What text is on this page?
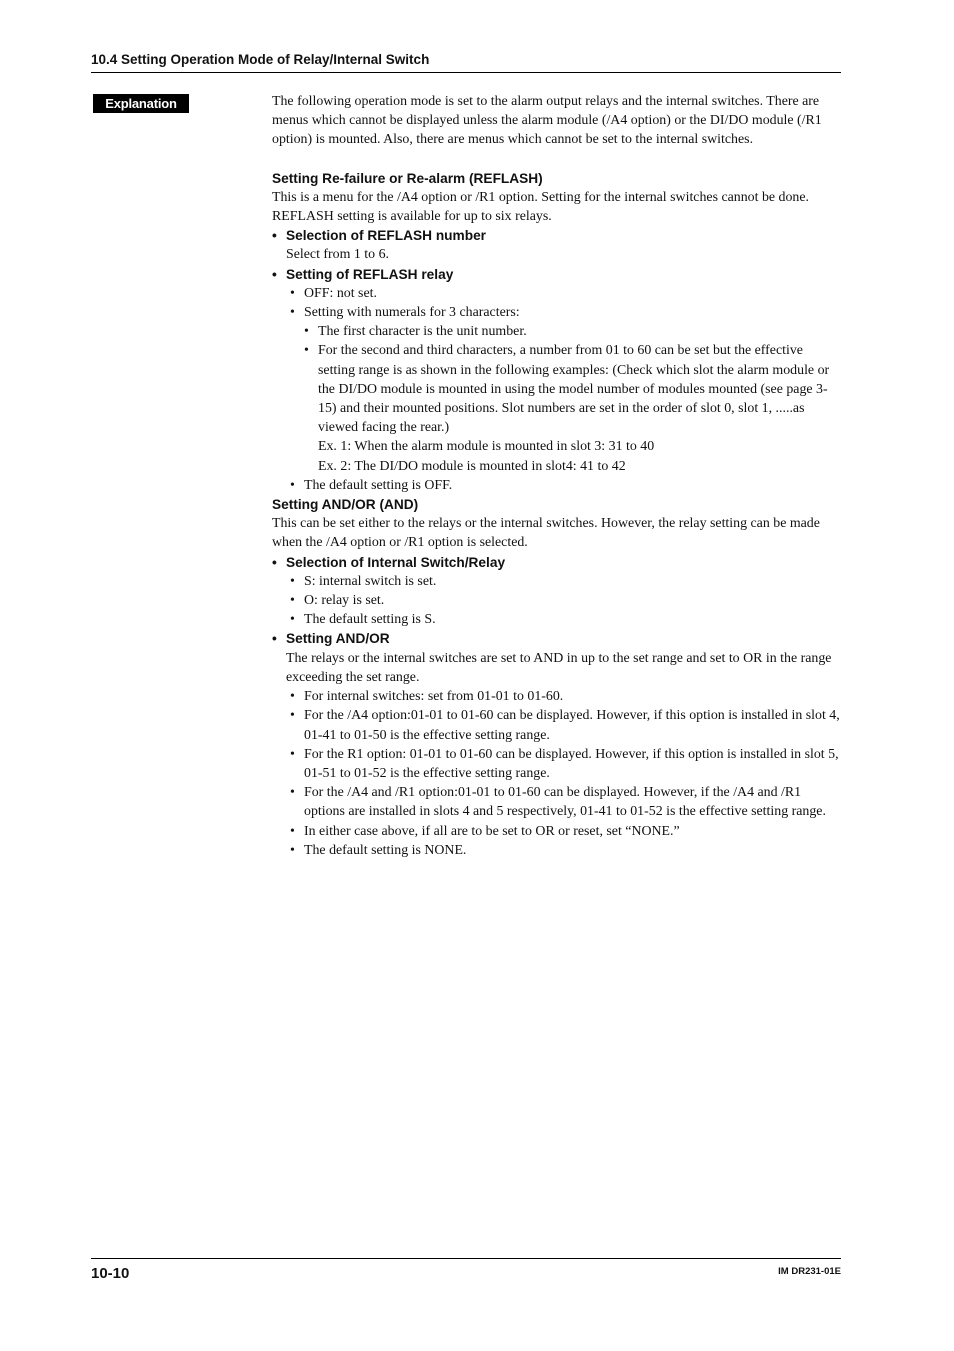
10.4 Setting Operation Mode of Relay/Internal Switch
Explanation	The following operation mode is set to the alarm output relays and the internal switches. There are menus which cannot be displayed unless the alarm module (/A4 option) or the DI/DO module (/R1 option) is mounted. Also, there are menus which cannot be set to the internal switches.

Setting Re-failure or Re-alarm (REFLASH)

This is a menu for the /A4 option or /R1 option. Setting for the internal switches cannot be done. REFLASH setting is available for up to six relays.

• Selection of REFLASH number

Select from 1 to 6.

• Setting of REFLASH relay

• OFF: not set.

• Setting with numerals for 3 characters:

• The first character is the unit number.

• For the second and third characters, a number from 01 to 60 can be set but the effective setting range is as shown in the following examples: (Check which slot the alarm module or the DI/DO module is mounted in using the model number of modules mounted (see page 3-15) and their mounted positions. Slot numbers are set in the order of slot 0, slot 1, .....as viewed facing the rear.)

Ex. 1: When the alarm module is mounted in slot 3: 31 to 40

Ex. 2: The DI/DO module is mounted in slot4: 41 to 42

• The default setting is OFF.

Setting AND/OR (AND)

This can be set either to the relays or the internal switches. However, the relay setting can be made when the /A4 option or /R1 option is selected.

• Selection of Internal Switch/Relay

• S: internal switch is set.

• O: relay is set.

• The default setting is S.

• Setting AND/OR

The relays or the internal switches are set to AND in up to the set range and set to OR in the range exceeding the set range.

• For internal switches: set from 01-01 to 01-60.

• For the /A4 option:01-01 to 01-60 can be displayed. However, if this option is installed in slot 4, 01-41 to 01-50 is the effective setting range.

• For the R1 option: 01-01 to 01-60 can be displayed. However, if this option is installed in slot 5, 01-51 to 01-52 is the effective setting range.

• For the /A4 and /R1 option:01-01 to 01-60 can be displayed. However, if the /A4 and /R1 options are installed in slots 4 and 5 respectively, 01-41 to 01-52 is the effective setting range.

• In either case above, if all are to be set to OR or reset, set “NONE.”

• The default setting is NONE.

10-10	IM DR231-01E
